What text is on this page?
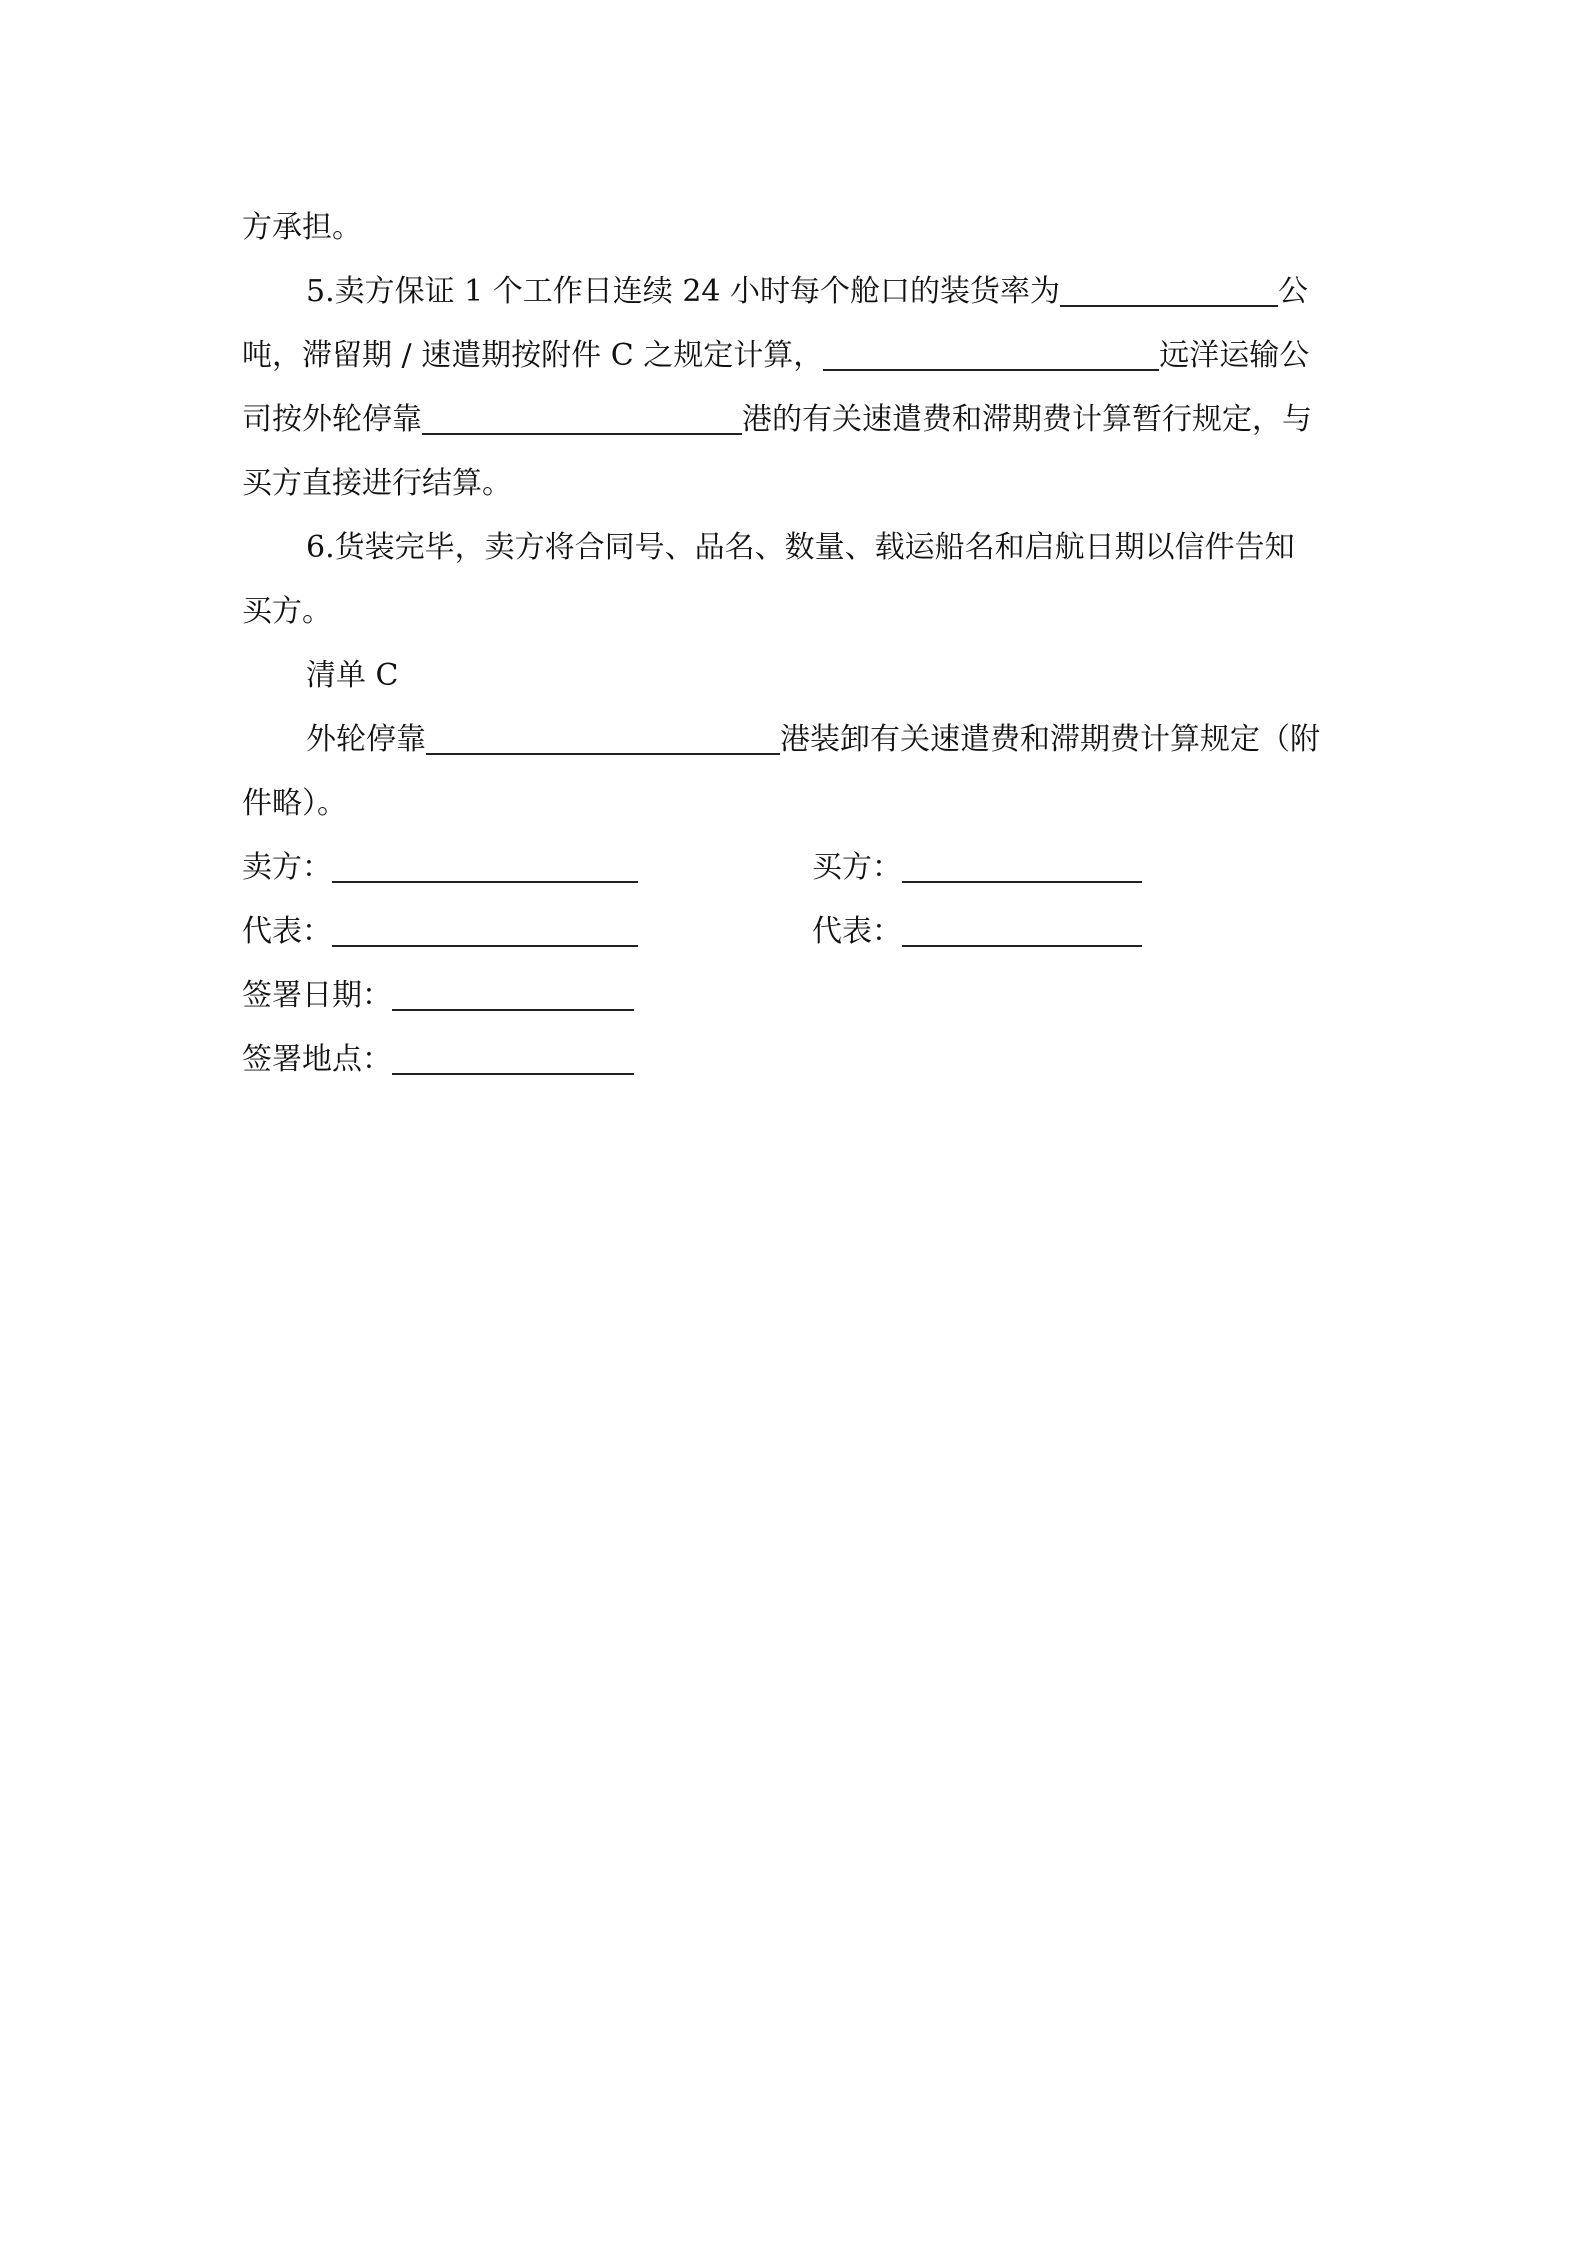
方承担。
5.卖方保证 1 个工作日连续 24 小时每个舱口的装货率为	公
吨，滞留期 / 速遣期按附件 C 之规定计算，	远洋运输公
司按外轮停靠	港的有关速遣费和滞期费计算暂行规定，与
买方直接进行结算。
6.货装完毕，卖方将合同号、品名、数量、载运船名和启航日期以信件告知
买方。
清单 C
外轮停靠	港装卸有关速遣费和滞期费计算规定（附
件略）。
卖方：	买方：
代表：	代表：
签署日期：
签署地点：
